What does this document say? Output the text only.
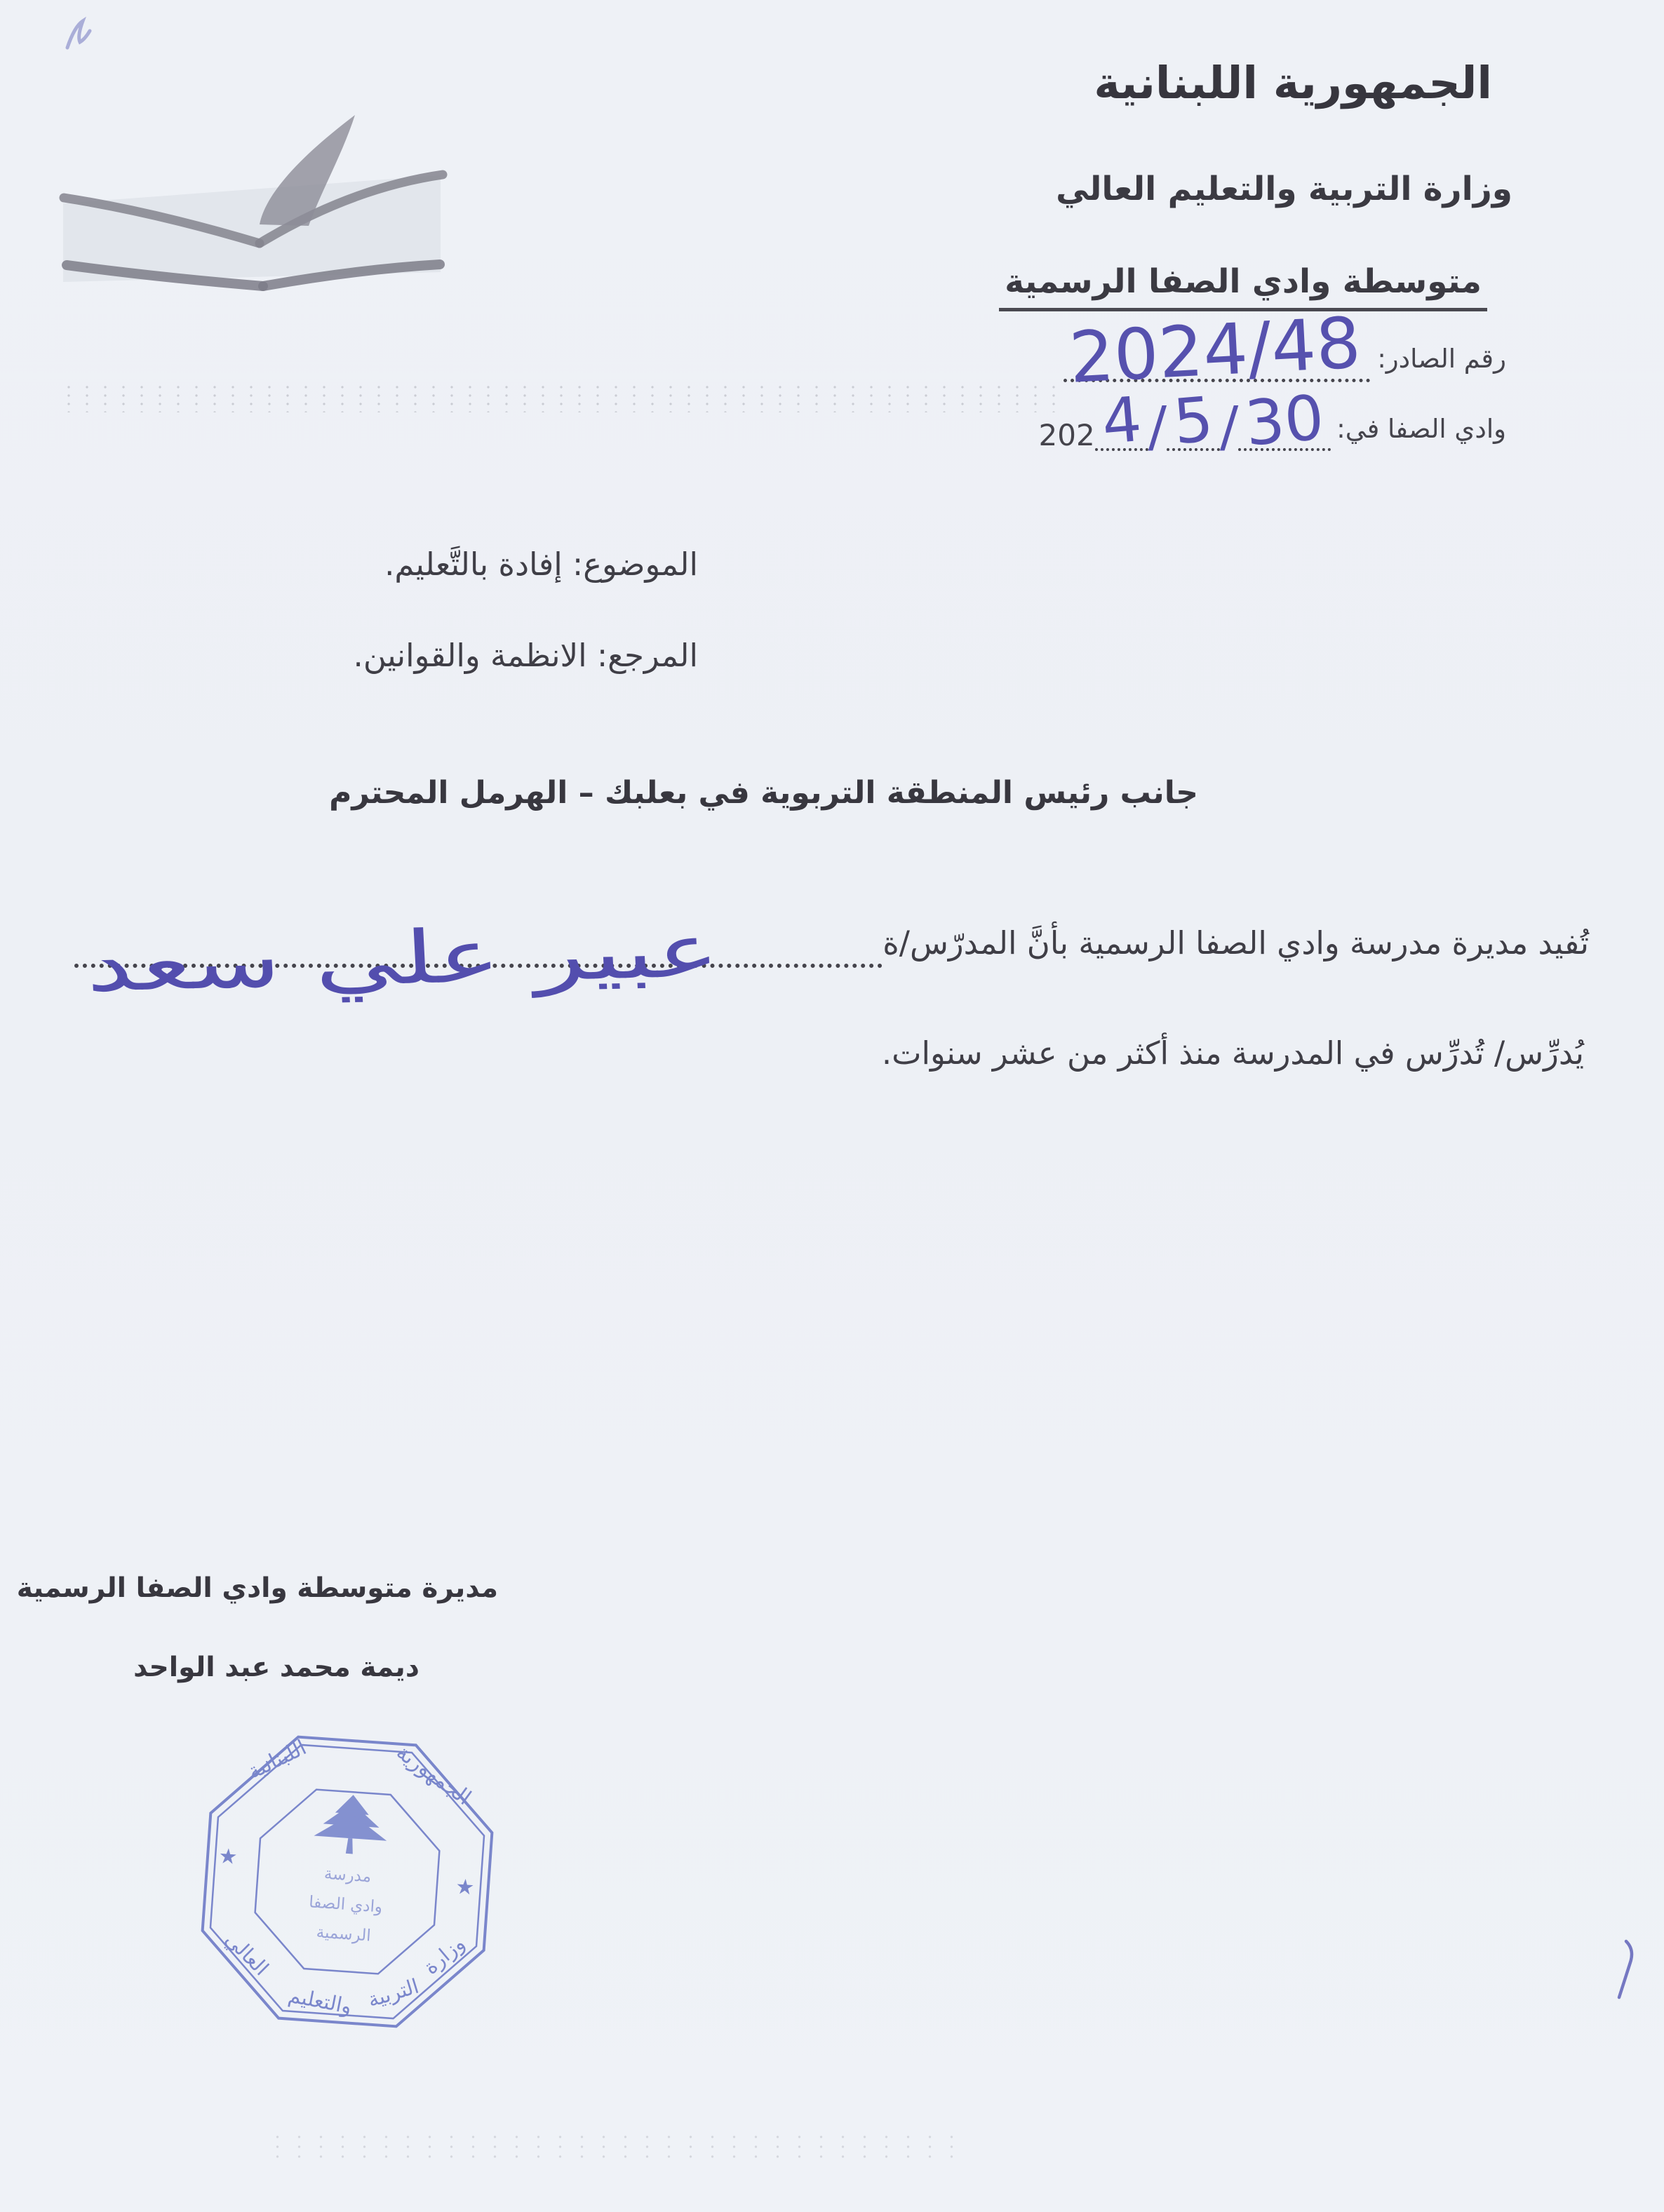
الجمهورية اللبنانية
وزارة التربية والتعليم العالي
متوسطة وادي الصفا الرسمية
رقم الصادر:
2024/48
وادي الصفا في:
202 4 / 5 / 30
الموضوع: إفادة بالتَّعليم.
المرجع: الانظمة والقوانين.
جانب رئيس المنطقة التربوية في بعلبك – الهرمل المحترم
تُفيد مديرة مدرسة وادي الصفا الرسمية بأنَّ المدرّس/ة
عبير علي سعد
يُدرِّس/ تُدرِّس في المدرسة منذ أكثر من عشر سنوات.
مديرة متوسطة وادي الصفا الرسمية
ديمة محمد عبد الواحد
الجمهورية
اللبنانية
وزارة
التربية
والتعليم
العالي
★
★
مدرسة
وادي الصفا
الرسمية
